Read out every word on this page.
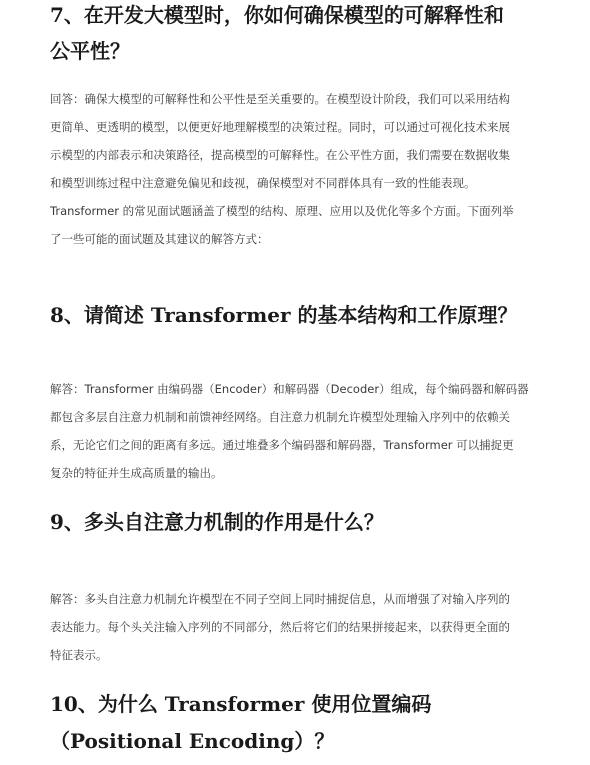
7、在开发大模型时，你如何确保模型的可解释性和
公平性？
回答：确保大模型的可解释性和公平性是至关重要的。在模型设计阶段，我们可以采用结构
更简单、更透明的模型，以便更好地理解模型的决策过程。同时，可以通过可视化技术来展
示模型的内部表示和决策路径，提高模型的可解释性。在公平性方面，我们需要在数据收集
和模型训练过程中注意避免偏见和歧视，确保模型对不同群体具有一致的性能表现。
Transformer 的常见面试题涵盖了模型的结构、原理、应用以及优化等多个方面。下面列举
了一些可能的面试题及其建议的解答方式：
8、请简述 Transformer 的基本结构和工作原理？
解答：Transformer 由编码器（Encoder）和解码器（Decoder）组成，每个编码器和解码器
都包含多层自注意力机制和前馈神经网络。自注意力机制允许模型处理输入序列中的依赖关
系，无论它们之间的距离有多远。通过堆叠多个编码器和解码器，Transformer 可以捕捉更
复杂的特征并生成高质量的输出。
9、多头自注意力机制的作用是什么？
解答：多头自注意力机制允许模型在不同子空间上同时捕捉信息，从而增强了对输入序列的
表达能力。每个头关注输入序列的不同部分，然后将它们的结果拼接起来，以获得更全面的
特征表示。
10、为什么 Transformer 使用位置编码
（Positional Encoding）？
